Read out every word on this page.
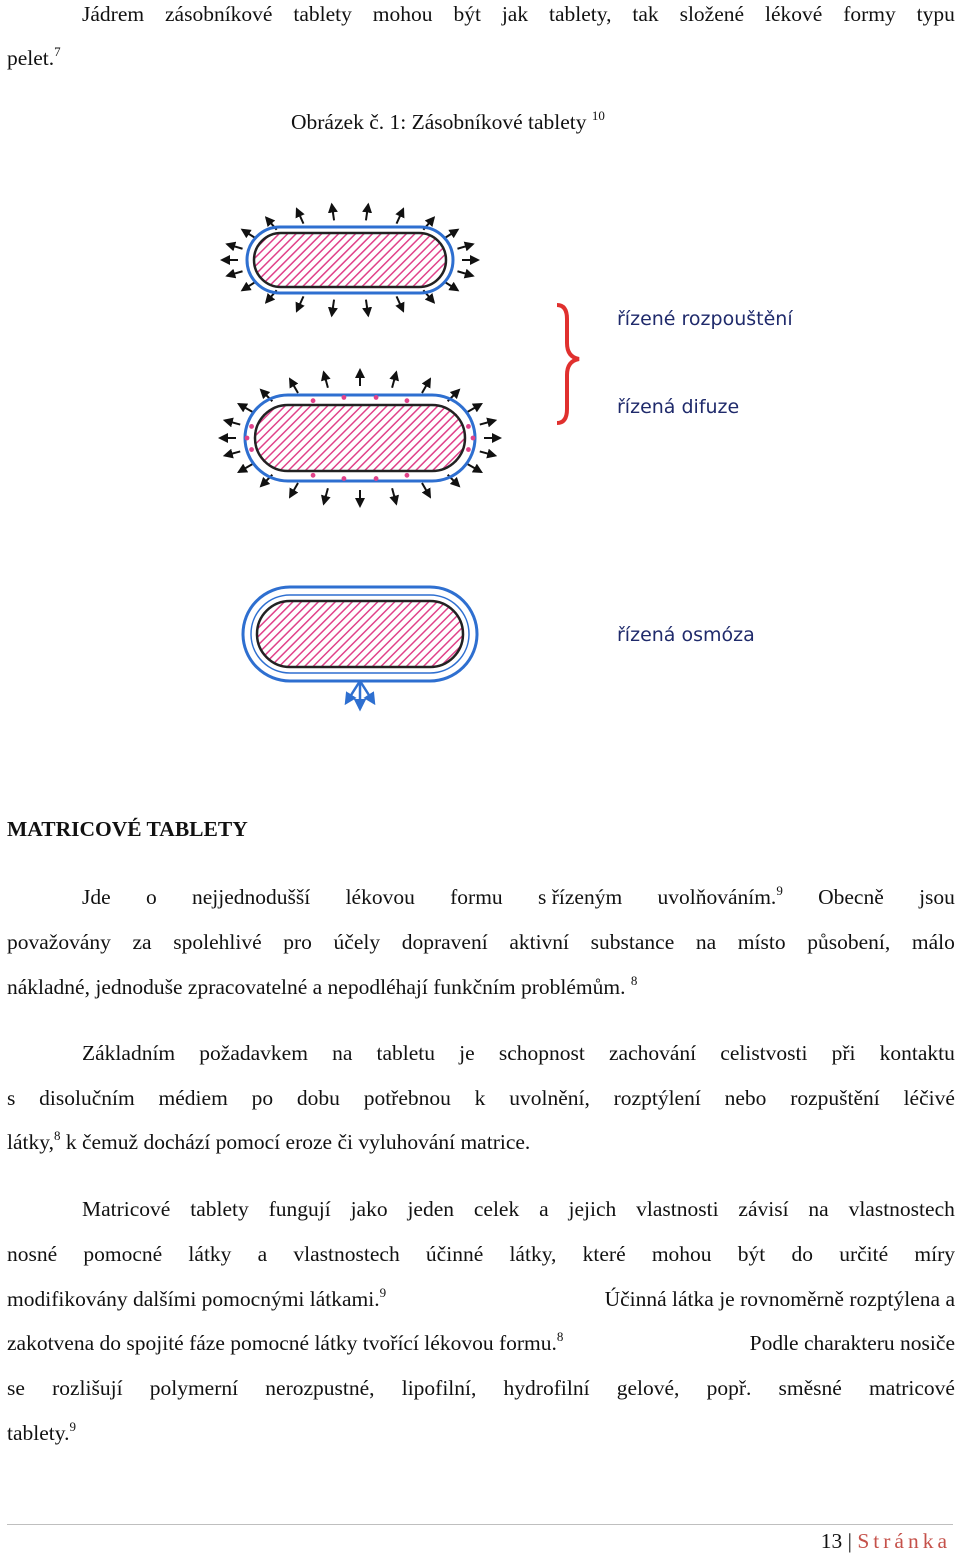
Jádrem zásobníkové tablety mohou být jak tablety, tak složené lékové formy typu
pelet.$^7$
Obrázek č. 1: Zásobníkové tablety $^{10}$
řízené rozpouštění
řízená difuze
řízená osmóza
MATRICOVÉ TABLETY
Jde o nejjednodušší lékovou formu s řízeným uvolňováním.$^9$ Obecně jsou
považovány za spolehlivé pro účely dopravení aktivní substance na místo působení, málo
nákladné, jednoduše zpracovatelné a nepodléhají funkčním problémům. $^8$
Základním požadavkem na tabletu je schopnost zachování celistvosti při kontaktu
s disolučním médiem po dobu potřebnou k uvolnění, rozptýlení nebo rozpuštění léčivé
látky,$^8$ k čemuž dochází pomocí eroze či vyluhování matrice.
Matricové tablety fungují jako jeden celek a jejich vlastnosti závisí na vlastnostech
nosné pomocné látky a vlastnostech účinné látky, které mohou být do určité míry
modifikovány dalšími pomocnými látkami.$^9$	Účinná látka je rovnoměrně rozptýlena a
zakotvena do spojité fáze pomocné látky tvořící lékovou formu.$^8$	Podle charakteru nosiče
se rozlišují polymerní nerozpustné, lipofilní, hydrofilní gelové, popř. směsné matricové
tablety.$^9$
13 | Stránka
